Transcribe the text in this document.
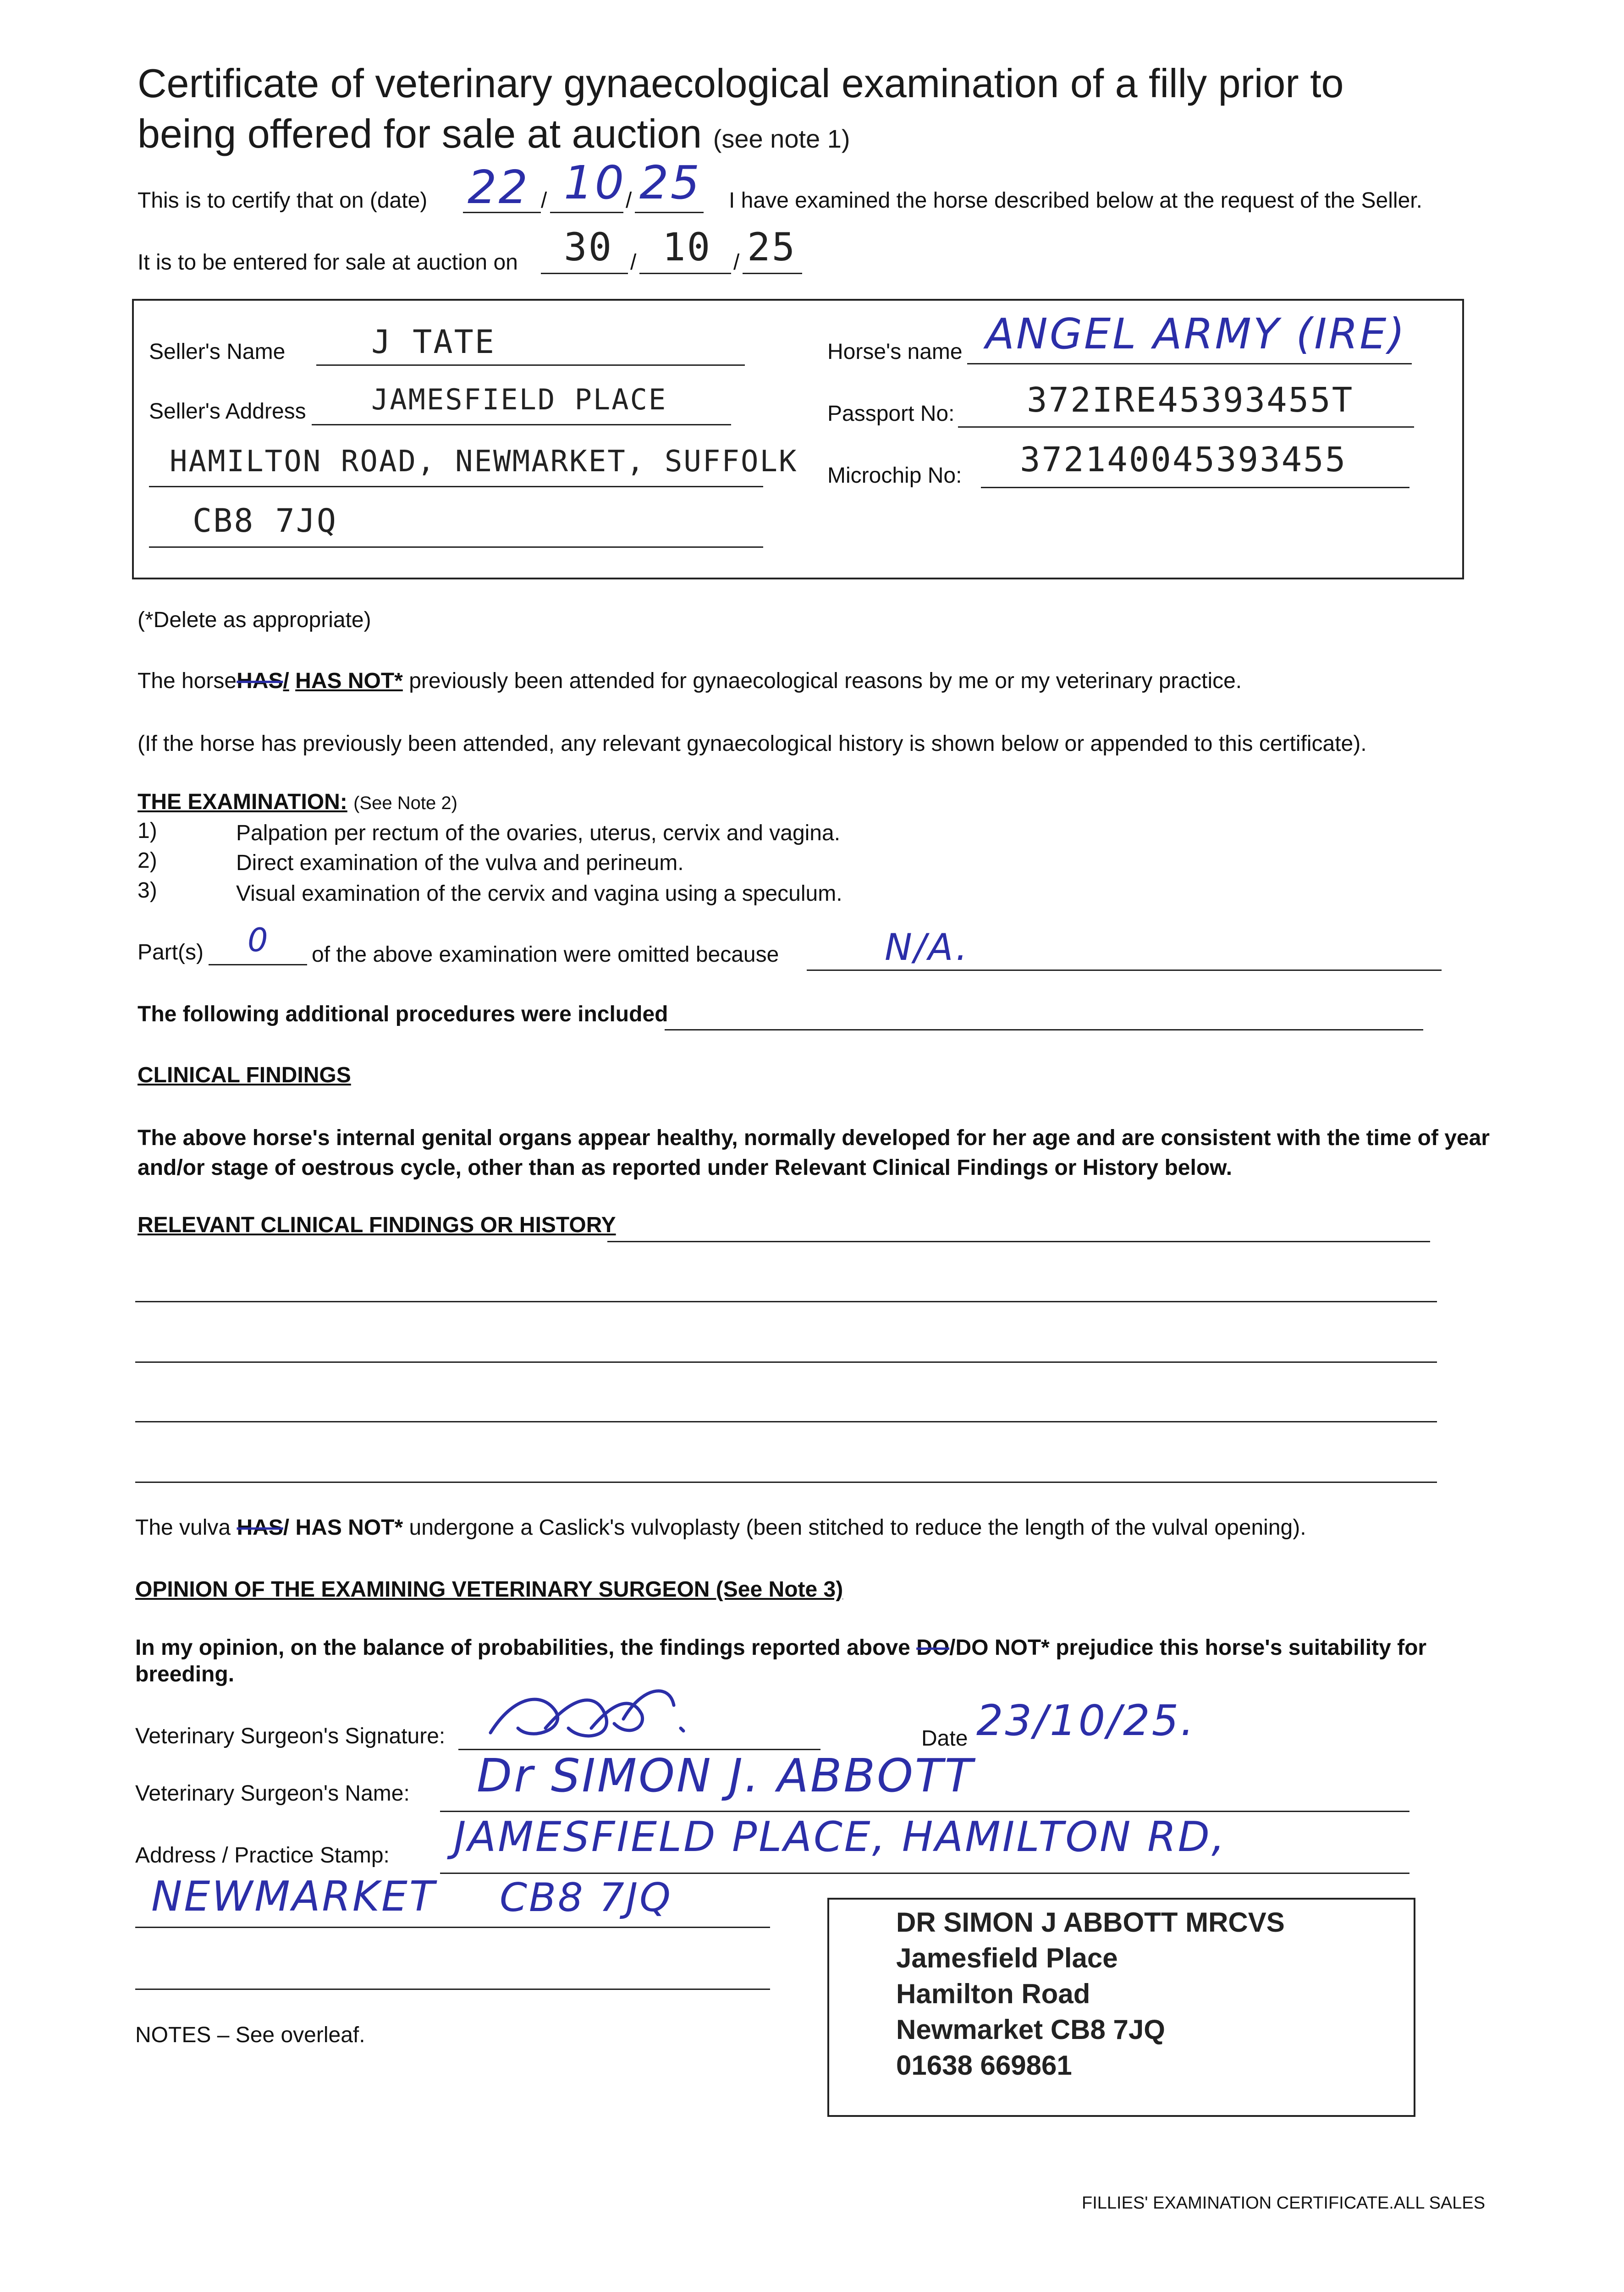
Certificate of veterinary gynaecological examination of a filly prior to
being offered for sale at auction (see note 1)
This is to certify that on (date) 22 / 10 / 25 I have examined the horse described below at the request of the Seller.
It is to be entered for sale at auction on 30 / 10 / 25
Seller's Name	J TATE
Seller's Address JAMESFIELD PLACE
HAMILTON ROAD, NEWMARKET, SUFFOLK
CB8 7JQ
Horse's name ANGEL ARMY (IRE)
Passport No: 372IRE45393455T
Microchip No: 372140045393455
(*Delete as appropriate)
The horseHAS/ HAS NOT* previously been attended for gynaecological reasons by me or my veterinary practice.
(If the horse has previously been attended, any relevant gynaecological history is shown below or appended to this certificate).
THE EXAMINATION: (See Note 2)
1)	Palpation per rectum of the ovaries, uterus, cervix and vagina.
2)	Direct examination of the vulva and perineum.
3)	Visual examination of the cervix and vagina using a speculum.
Part(s) 0 of the above examination were omitted because	N/A.
The following additional procedures were included
CLINICAL FINDINGS
The above horse's internal genital organs appear healthy, normally developed for her age and are consistent with the time of year
and/or stage of oestrous cycle, other than as reported under Relevant Clinical Findings or History below.
RELEVANT CLINICAL FINDINGS OR HISTORY
The vulva HAS/ HAS NOT* undergone a Caslick's vulvoplasty (been stitched to reduce the length of the vulval opening).
OPINION OF THE EXAMINING VETERINARY SURGEON (See Note 3)
In my opinion, on the balance of probabilities, the findings reported above DO/DO NOT* prejudice this horse's suitability for
breeding.
Veterinary Surgeon's Signature:	Date 23/10/25.
Veterinary Surgeon's Name: Dr SIMON J. ABBOTT
Address / Practice Stamp: JAMESFIELD PLACE, HAMILTON RD,
NEWMARKET CB8 7JQ
DR SIMON J ABBOTT MRCVS
Jamesfield Place
Hamilton Road
Newmarket CB8 7JQ
01638 669861
NOTES – See overleaf.
FILLIES' EXAMINATION CERTIFICATE.ALL SALES
